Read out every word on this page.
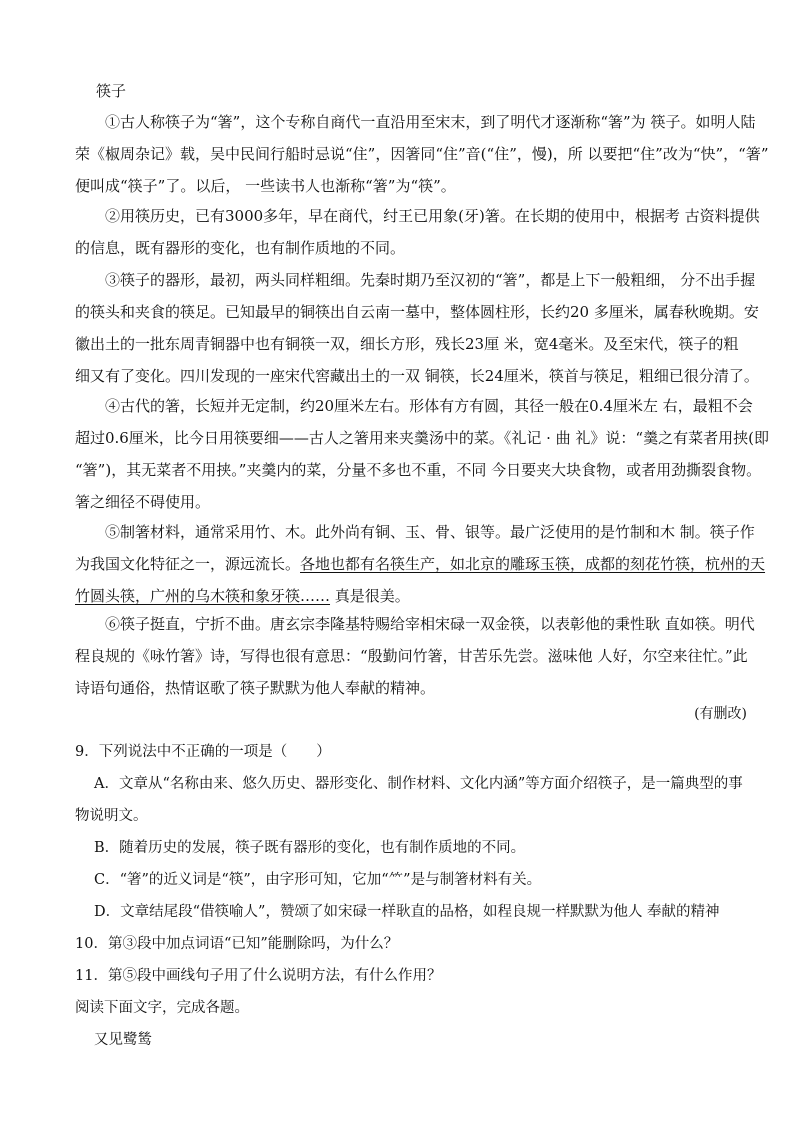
筷子
①古人称筷子为“箸”，这个专称自商代一直沿用至宋末，到了明代才逐渐称“箸”为 筷子。如明人陆
荣《椒周杂记》载，吴中民间行船时忌说“住”，因箸同“住”音(“住”，慢)，所 以要把“住”改为“快”，“箸”
便叫成“筷子”了。以后， 一些读书人也渐称“箸”为“筷”。
②用筷历史，已有3000多年，早在商代，纣王已用象(牙)箸。在长期的使用中，根据考 古资料提供
的信息，既有器形的变化，也有制作质地的不同。
③筷子的器形，最初，两头同样粗细。先秦时期乃至汉初的“箸”，都是上下一般粗细， 分不出手握
的筷头和夹食的筷足。已知最早的铜筷出自云南一墓中，整体圆柱形，长约20 多厘米，属春秋晚期。安
徽出土的一批东周青铜器中也有铜筷一双，细长方形，残长23厘 米，宽4毫米。及至宋代，筷子的粗
细又有了变化。四川发现的一座宋代窖藏出土的一双 铜筷，长24厘米，筷首与筷足，粗细已很分清了。
④古代的箸，长短并无定制，约20厘米左右。形体有方有圆，其径一般在0.4厘米左 右，最粗不会
超过0.6厘米，比今日用筷要细——古人之箸用来夹羹汤中的菜。《礼记 · 曲 礼》说：“羹之有菜者用挟(即
“箸”)，其无菜者不用挟。”夹羹内的菜，分量不多也不重，不同 今日要夹大块食物，或者用劲撕裂食物。
箸之细径不碍使用。
⑤制箸材料，通常采用竹、木。此外尚有铜、玉、骨、银等。最广泛使用的是竹制和木 制。筷子作
为我国文化特征之一，源远流长。各地也都有名筷生产，如北京的雕琢玉筷，成都的刻花竹筷，杭州的天
竹圆头筷，广州的乌木筷和象牙筷…… 真是很美。
⑥筷子挺直，宁折不曲。唐玄宗李隆基特赐给宰相宋碌一双金筷，以表彰他的秉性耿 直如筷。明代
程良规的《咏竹箸》诗，写得也很有意思：“殷勤问竹箸，甘苦乐先尝。滋味他 人好，尔空来往忙。”此
诗语句通俗，热情讴歌了筷子默默为他人奉献的精神。
(有删改)
9．下列说法中不正确的一项是（　　）
A．文章从“名称由来、悠久历史、器形变化、制作材料、文化内涵”等方面介绍筷子，是一篇典型的事
物说明文。
B．随着历史的发展，筷子既有器形的变化，也有制作质地的不同。
C．“箸”的近义词是“筷”，由字形可知，它加“⺮”是与制箸材料有关。
D．文章结尾段“借筷喻人”，赞颂了如宋碌一样耿直的品格，如程良规一样默默为他人 奉献的精神
10．第③段中加点词语“已知”能删除吗，为什么？
11．第⑤段中画线句子用了什么说明方法，有什么作用？
阅读下面文字，完成各题。
又见鹭鸶
